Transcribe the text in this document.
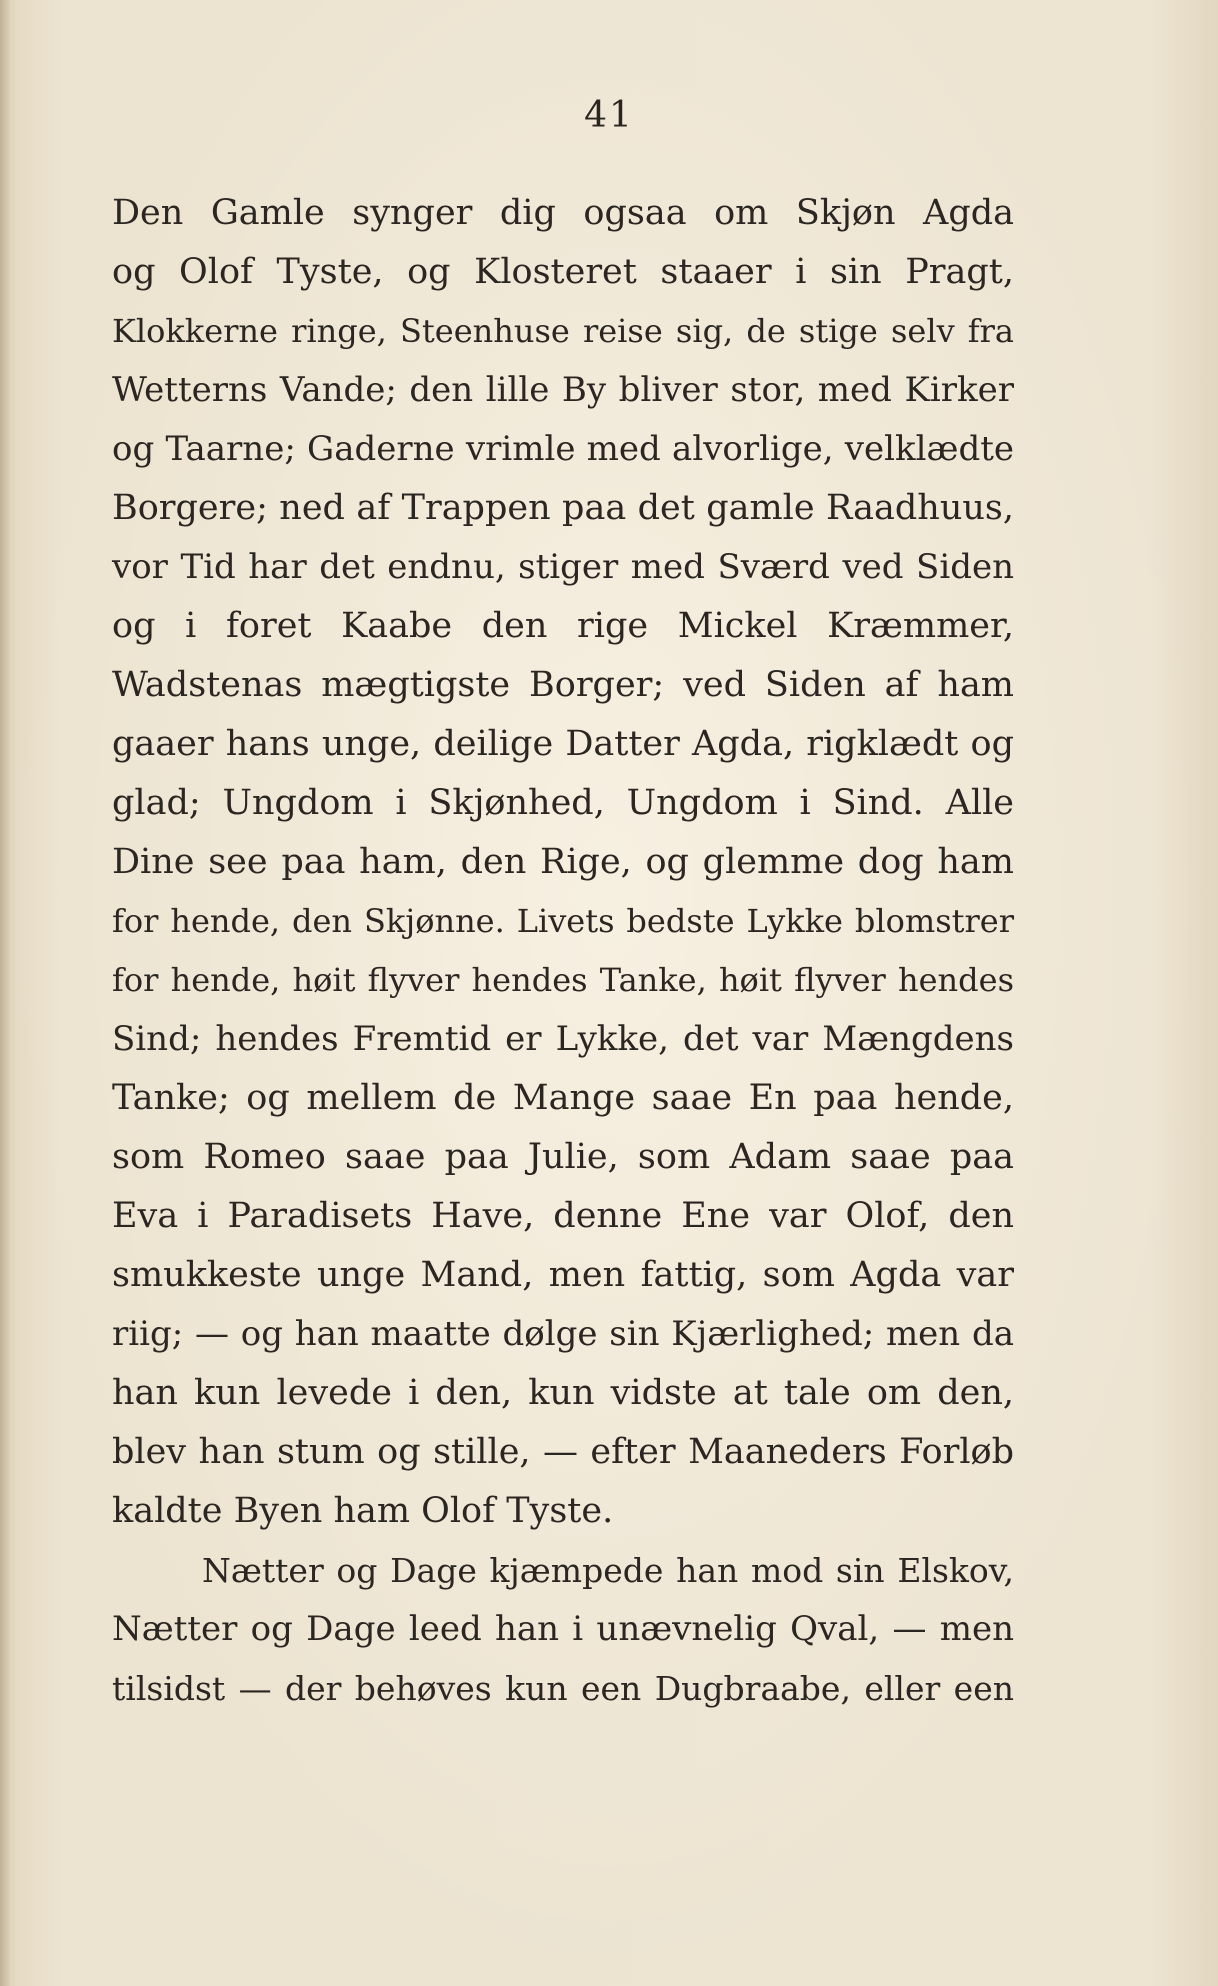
41
Den Gamle synger dig ogsaa om Skjøn Agda
og Olof Tyste, og Klosteret staaer i sin Pragt,
Klokkerne ringe, Steenhuse reise sig, de stige selv fra
Wetterns Vande; den lille By bliver stor, med Kirker
og Taarne; Gaderne vrimle med alvorlige, velklædte
Borgere; ned af Trappen paa det gamle Raadhuus,
vor Tid har det endnu, stiger med Sværd ved Siden
og i foret Kaabe den rige Mickel Kræmmer,
Wadstenas mægtigste Borger; ved Siden af ham
gaaer hans unge, deilige Datter Agda, rigklædt og
glad; Ungdom i Skjønhed, Ungdom i Sind. Alle
Dine see paa ham, den Rige, og glemme dog ham
for hende, den Skjønne. Livets bedste Lykke blomstrer
for hende, høit flyver hendes Tanke, høit flyver hendes
Sind; hendes Fremtid er Lykke, det var Mængdens
Tanke; og mellem de Mange saae En paa hende,
som Romeo saae paa Julie, som Adam saae paa
Eva i Paradisets Have, denne Ene var Olof, den
smukkeste unge Mand, men fattig, som Agda var
riig; — og han maatte dølge sin Kjærlighed; men da
han kun levede i den, kun vidste at tale om den,
blev han stum og stille, — efter Maaneders Forløb
kaldte Byen ham Olof Tyste.
Nætter og Dage kjæmpede han mod sin Elskov,
Nætter og Dage leed han i unævnelig Qval, — men
tilsidst — der behøves kun een Dugbraabe, eller een
